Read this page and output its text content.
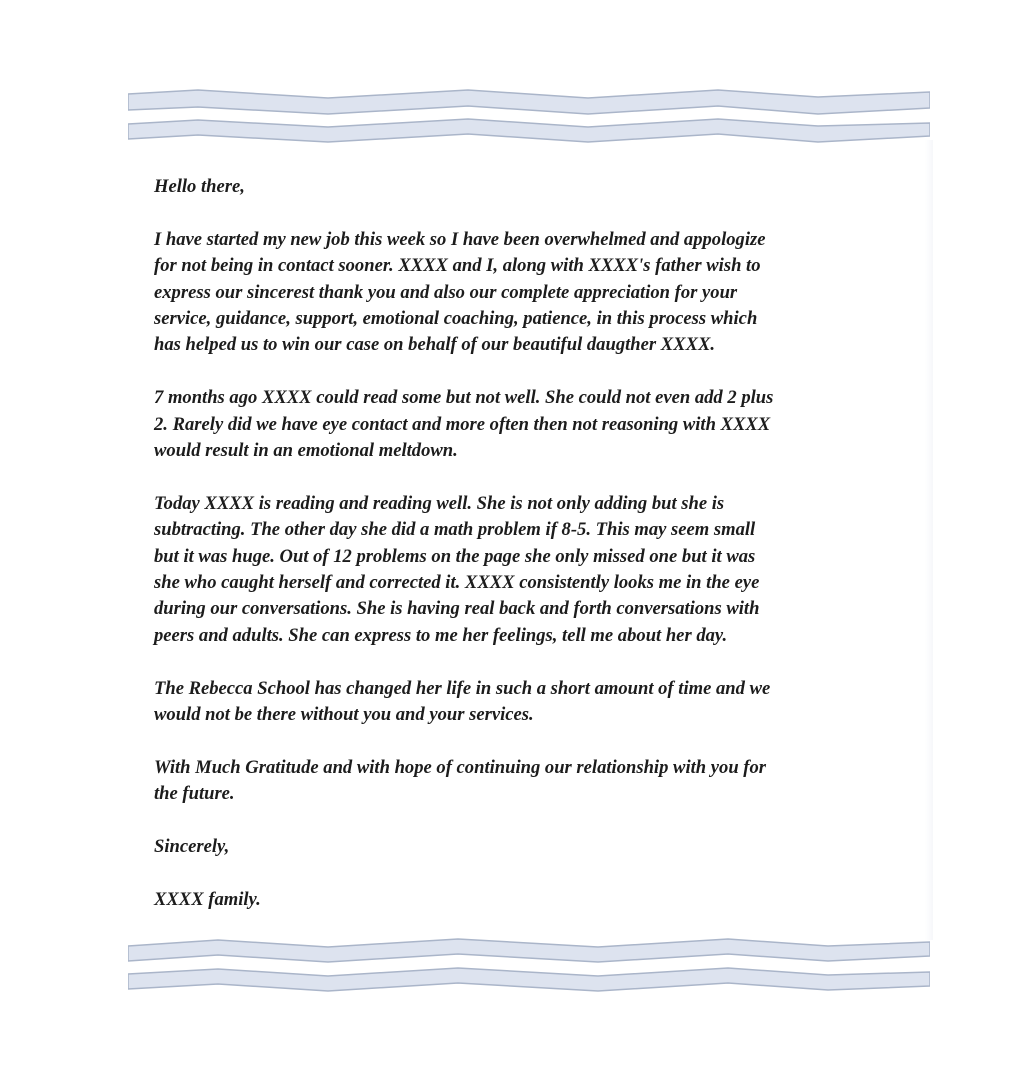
Hello there,

I have started my new job this week so I have been overwhelmed and appologize
for not being in contact sooner. XXXX and I, along with XXXX's father wish to
express our sincerest thank you and also our complete appreciation for your
service, guidance, support, emotional coaching, patience, in this process which
has helped us to win our case on behalf of our beautiful daugther XXXX.

7 months ago XXXX could read some but not well. She could not even add 2 plus
2. Rarely did we have eye contact and more often then not reasoning with XXXX
would result in an emotional meltdown.

Today XXXX is reading and reading well. She is not only adding but she is
subtracting. The other day she did a math problem if 8-5. This may seem small
but it was huge. Out of 12 problems on the page she only missed one but it was
she who caught herself and corrected it. XXXX consistently looks me in the eye
during our conversations. She is having real back and forth conversations with
peers and adults. She can express to me her feelings, tell me about her day.

The Rebecca School has changed her life in such a short amount of time and we
would not be there without you and your services.

With Much Gratitude and with hope of continuing our relationship with you for
the future.

Sincerely,

XXXX family.
